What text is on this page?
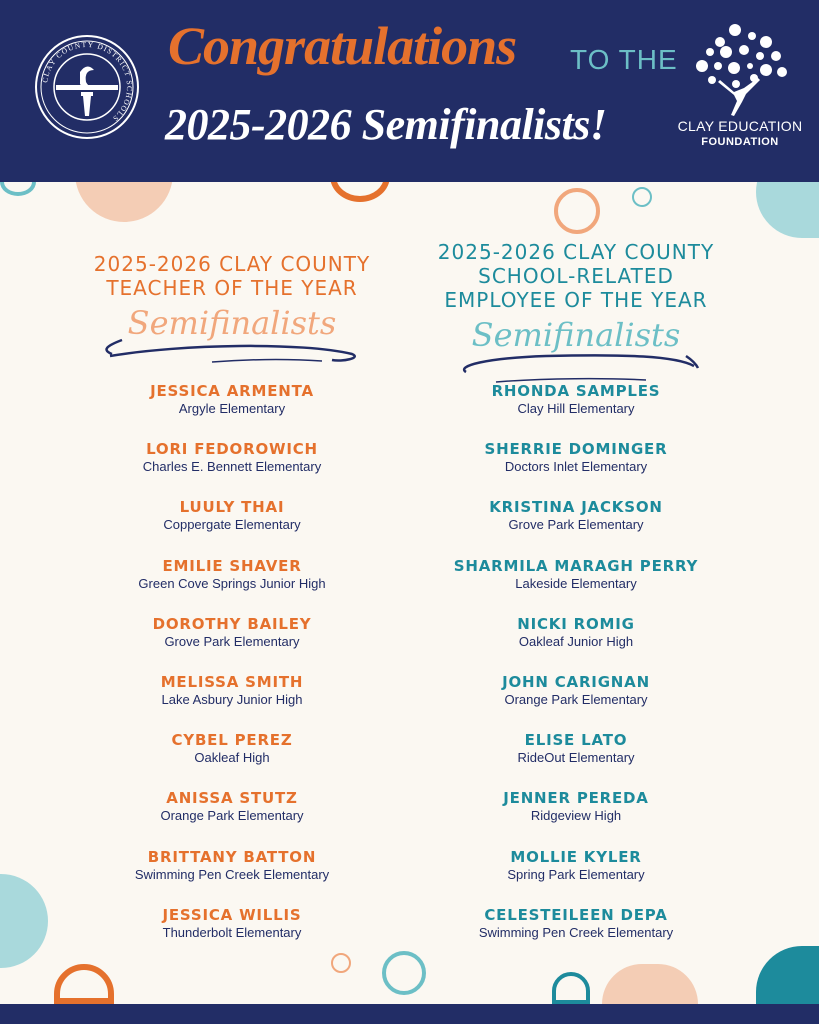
CLAY COUNTY DISTRICT SCHOOLS
Congratulations TO THE
2025-2026 Semifinalists!	CLAY EDUCATION
FOUNDATION
2025-2026 CLAY COUNTY
TEACHER OF THE YEAR
Semifinalists
JESSICA ARMENTA
Argyle Elementary
LORI FEDOROWICH
Charles E. Bennett Elementary
LUULY THAI
Coppergate Elementary
EMILIE SHAVER
Green Cove Springs Junior High
DOROTHY BAILEY
Grove Park Elementary
MELISSA SMITH
Lake Asbury Junior High
CYBEL PEREZ
Oakleaf High
ANISSA STUTZ
Orange Park Elementary
BRITTANY BATTON
Swimming Pen Creek Elementary
JESSICA WILLIS
Thunderbolt Elementary
2025-2026 CLAY COUNTY
SCHOOL-RELATED
EMPLOYEE OF THE YEAR
Semifinalists
RHONDA SAMPLES
Clay Hill Elementary
SHERRIE DOMINGER
Doctors Inlet Elementary
KRISTINA JACKSON
Grove Park Elementary
SHARMILA MARAGH PERRY
Lakeside Elementary
NICKI ROMIG
Oakleaf Junior High
JOHN CARIGNAN
Orange Park Elementary
ELISE LATO
RideOut Elementary
JENNER PEREDA
Ridgeview High
MOLLIE KYLER
Spring Park Elementary
CELESTEILEEN DEPA
Swimming Pen Creek Elementary
